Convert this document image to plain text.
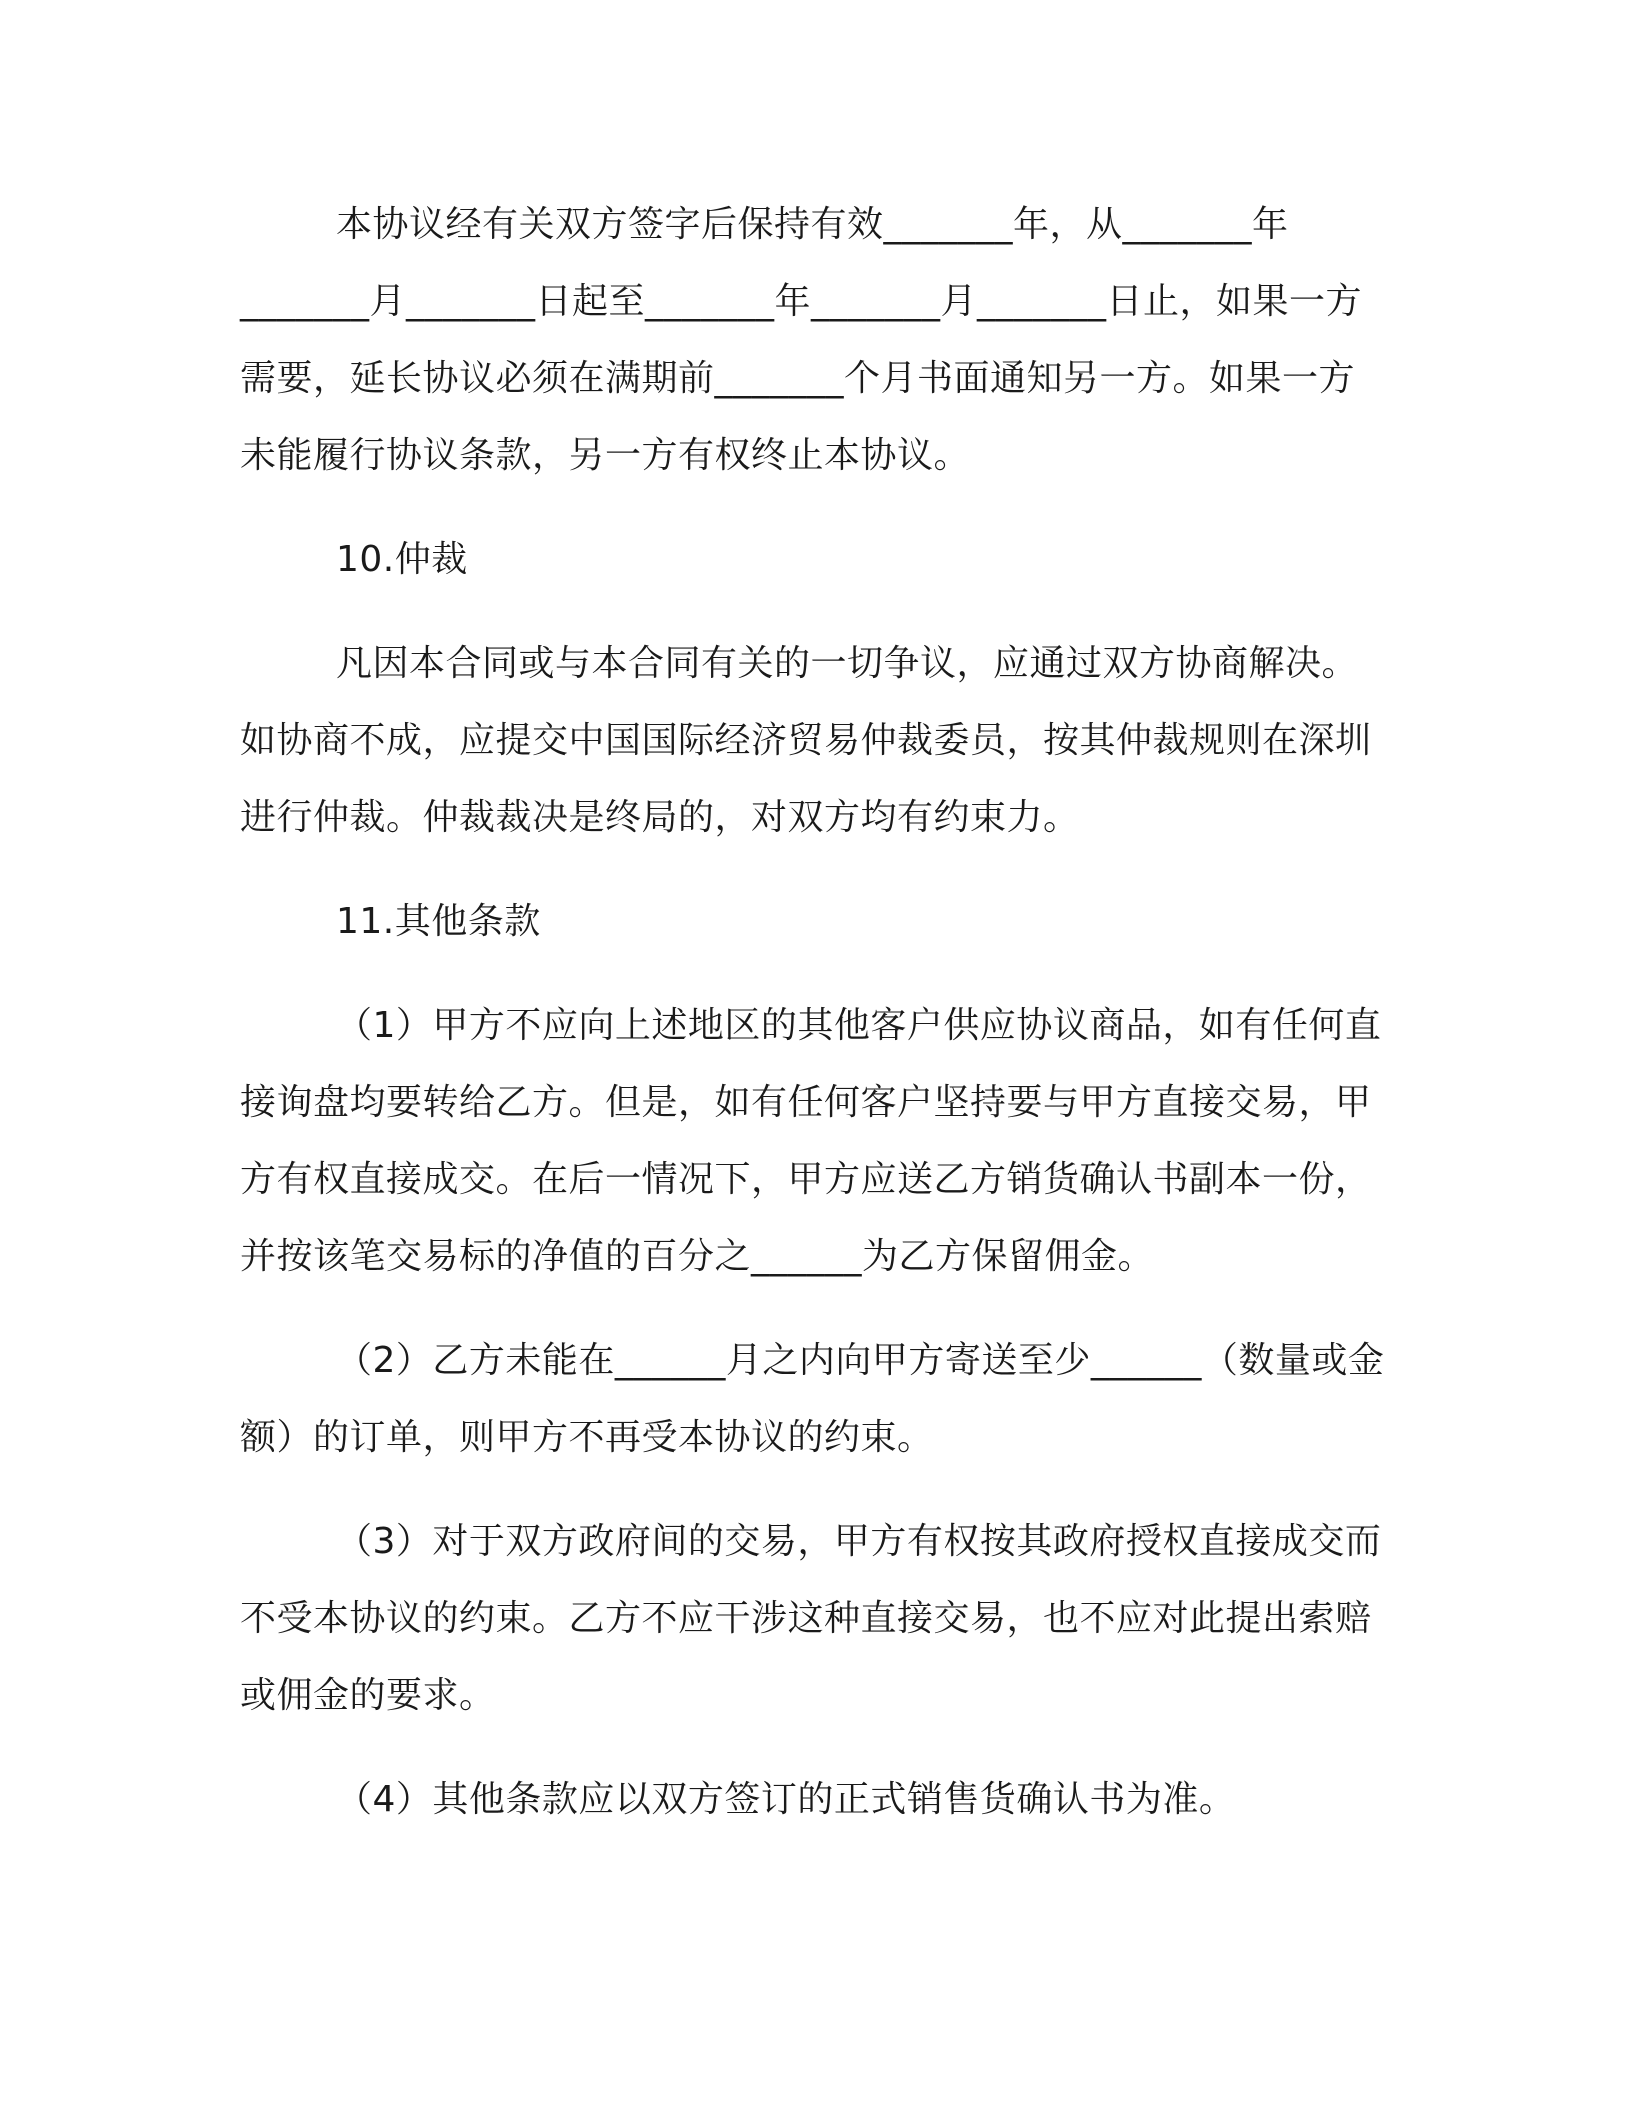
本协议经有关双方签字后保持有效_______年，从_______年_______月_______日起至_______年_______月_______日止，如果一方需要，延长协议必须在满期前_______个月书面通知另一方。如果一方未能履行协议条款，另一方有权终止本协议。

10.仲裁

凡因本合同或与本合同有关的一切争议，应通过双方协商解决。如协商不成，应提交中国国际经济贸易仲裁委员，按其仲裁规则在深圳进行仲裁。仲裁裁决是终局的，对双方均有约束力。

11.其他条款

（1）甲方不应向上述地区的其他客户供应协议商品，如有任何直接询盘均要转给乙方。但是，如有任何客户坚持要与甲方直接交易，甲方有权直接成交。在后一情况下，甲方应送乙方销货确认书副本一份，并按该笔交易标的净值的百分之______为乙方保留佣金。

（2）乙方未能在______月之内向甲方寄送至少______（数量或金额）的订单，则甲方不再受本协议的约束。

（3）对于双方政府间的交易，甲方有权按其政府授权直接成交而不受本协议的约束。乙方不应干涉这种直接交易，也不应对此提出索赔或佣金的要求。

（4）其他条款应以双方签订的正式销售货确认书为准。
